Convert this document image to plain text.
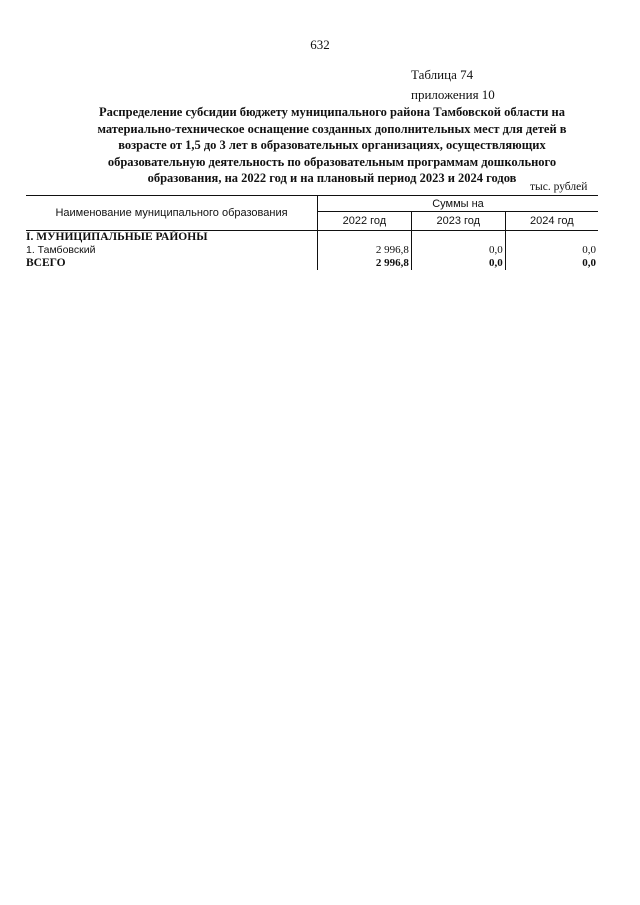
632
Таблица 74
приложения 10
Распределение субсидии бюджету муниципального района Тамбовской области на
материально-техническое оснащение созданных дополнительных мест для детей в
возрасте от 1,5 до 3 лет в образовательных организациях, осуществляющих
образовательную деятельность по образовательным программам дошкольного
образования, на 2022 год и на плановый период 2023 и 2024 годов
тыс. рублей
Наименование муниципального образования	Суммы на		
	2022 год	2023 год	2024 год
I. МУНИЦИПАЛЬНЫЕ РАЙОНЫ			
1. Тамбовский	2 996,8	0,0	0,0
ВСЕГО	2 996,8	0,0	0,0
